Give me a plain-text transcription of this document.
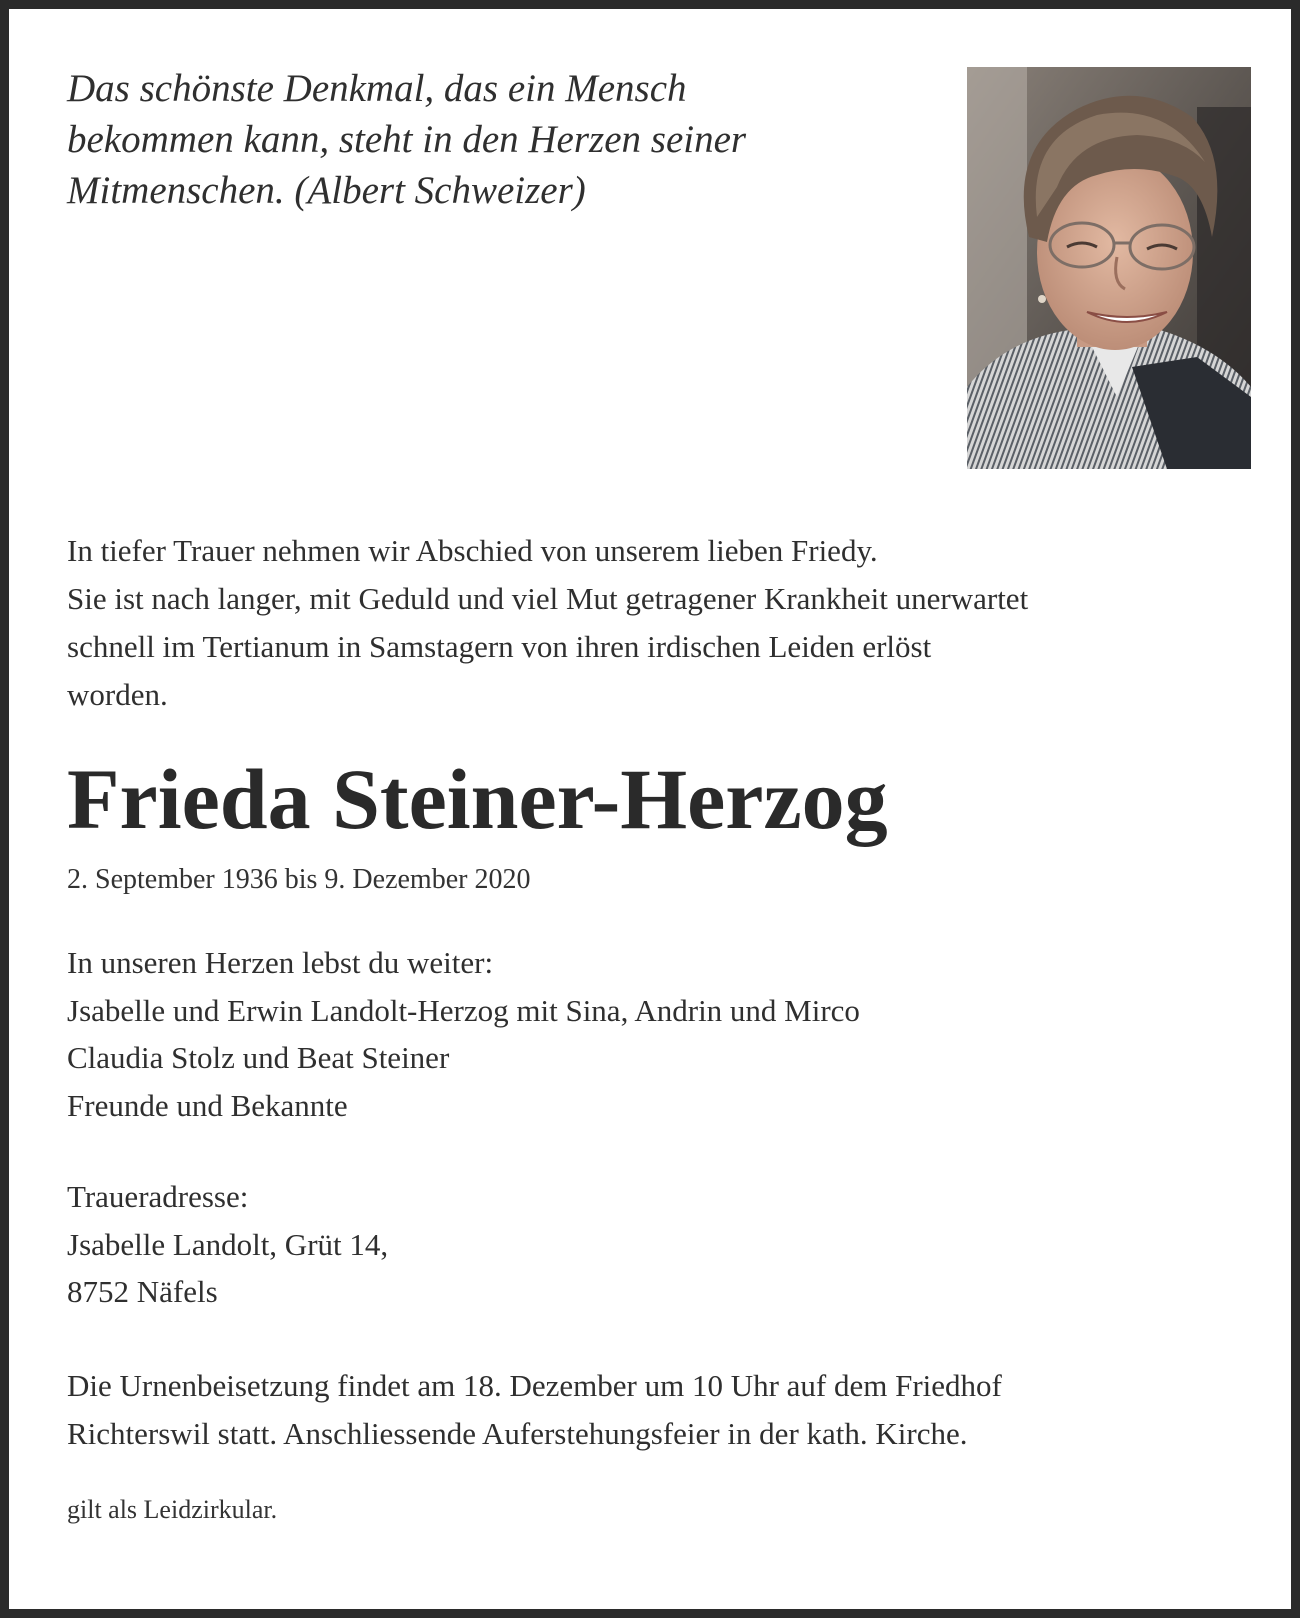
Das schönste Denkmal, das ein Mensch
bekommen kann, steht in den Herzen seiner
Mitmenschen. (Albert Schweizer)

In tiefer Trauer nehmen wir Abschied von unserem lieben Friedy.
Sie ist nach langer, mit Geduld und viel Mut getragener Krankheit unerwartet
schnell im Tertianum in Samstagern von ihren irdischen Leiden erlöst
worden.

Frieda Steiner-Herzog
2. September 1936 bis 9. Dezember 2020

In unseren Herzen lebst du weiter:
Jsabelle und Erwin Landolt-Herzog mit Sina, Andrin und Mirco
Claudia Stolz und Beat Steiner
Freunde und Bekannte

Traueradresse:
Jsabelle Landolt, Grüt 14,
8752 Näfels

Die Urnenbeisetzung findet am 18. Dezember um 10 Uhr auf dem Friedhof
Richterswil statt. Anschliessende Auferstehungsfeier in der kath. Kirche.

gilt als Leidzirkular.
